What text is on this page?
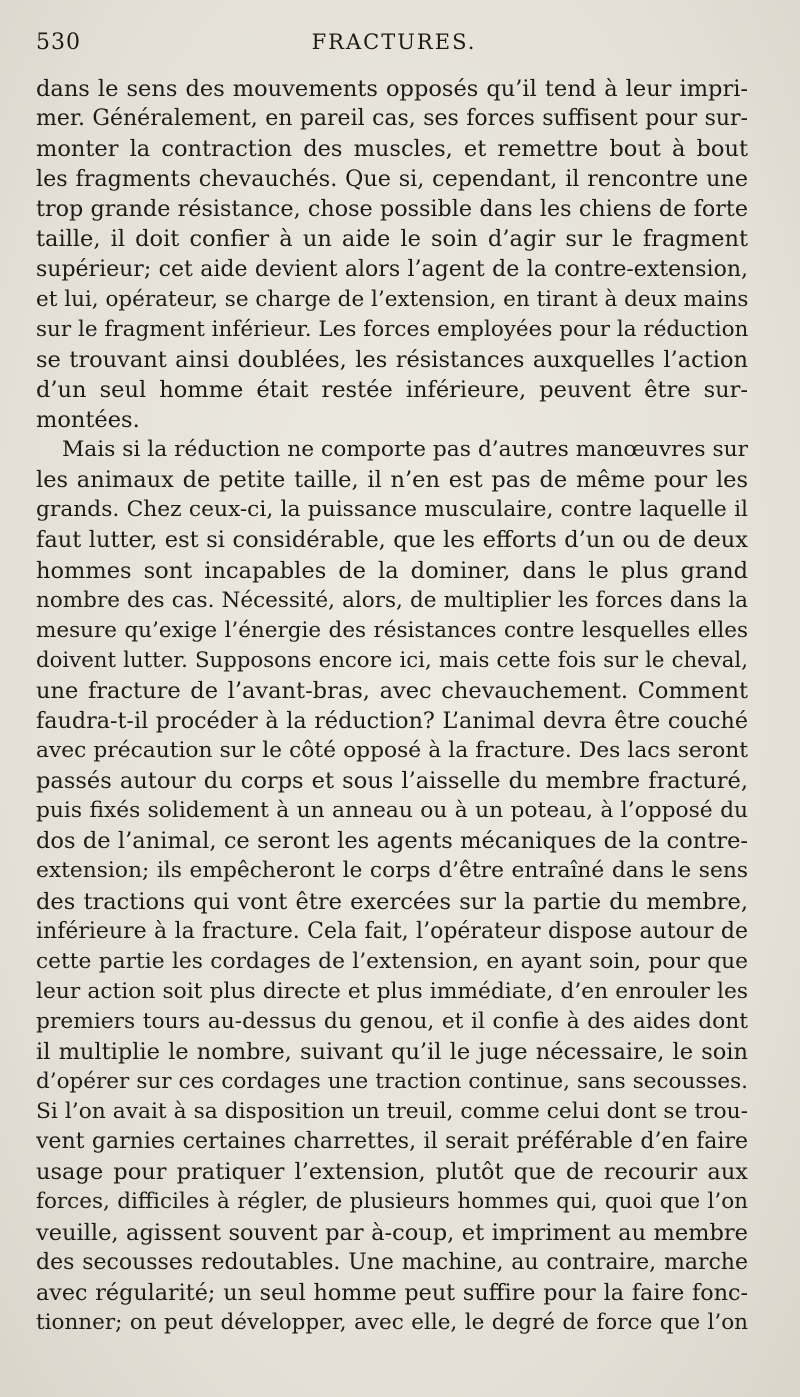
530	FRACTURES.
dans le sens des mouvements opposés qu’il tend à leur impri-
mer. Généralement, en pareil cas, ses forces suffisent pour sur-
monter la contraction des muscles, et remettre bout à bout
les fragments chevauchés. Que si, cependant, il rencontre une
trop grande résistance, chose possible dans les chiens de forte
taille, il doit confier à un aide le soin d’agir sur le fragment
supérieur; cet aide devient alors l’agent de la contre-extension,
et lui, opérateur, se charge de l’extension, en tirant à deux mains
sur le fragment inférieur. Les forces employées pour la réduction
se trouvant ainsi doublées, les résistances auxquelles l’action
d’un seul homme était restée inférieure, peuvent être sur-
montées.
Mais si la réduction ne comporte pas d’autres manœuvres sur
les animaux de petite taille, il n’en est pas de même pour les
grands. Chez ceux-ci, la puissance musculaire, contre laquelle il
faut lutter, est si considérable, que les efforts d’un ou de deux
hommes sont incapables de la dominer, dans le plus grand
nombre des cas. Nécessité, alors, de multiplier les forces dans la
mesure qu’exige l’énergie des résistances contre lesquelles elles
doivent lutter. Supposons encore ici, mais cette fois sur le cheval,
une fracture de l’avant-bras, avec chevauchement. Comment
faudra-t-il procéder à la réduction? L’animal devra être couché
avec précaution sur le côté opposé à la fracture. Des lacs seront
passés autour du corps et sous l’aisselle du membre fracturé,
puis fixés solidement à un anneau ou à un poteau, à l’opposé du
dos de l’animal, ce seront les agents mécaniques de la contre-
extension; ils empêcheront le corps d’être entraîné dans le sens
des tractions qui vont être exercées sur la partie du membre,
inférieure à la fracture. Cela fait, l’opérateur dispose autour de
cette partie les cordages de l’extension, en ayant soin, pour que
leur action soit plus directe et plus immédiate, d’en enrouler les
premiers tours au-dessus du genou, et il confie à des aides dont
il multiplie le nombre, suivant qu’il le juge nécessaire, le soin
d’opérer sur ces cordages une traction continue, sans secousses.
Si l’on avait à sa disposition un treuil, comme celui dont se trou-
vent garnies certaines charrettes, il serait préférable d’en faire
usage pour pratiquer l’extension, plutôt que de recourir aux
forces, difficiles à régler, de plusieurs hommes qui, quoi que l’on
veuille, agissent souvent par à-coup, et impriment au membre
des secousses redoutables. Une machine, au contraire, marche
avec régularité; un seul homme peut suffire pour la faire fonc-
tionner; on peut développer, avec elle, le degré de force que l’on
